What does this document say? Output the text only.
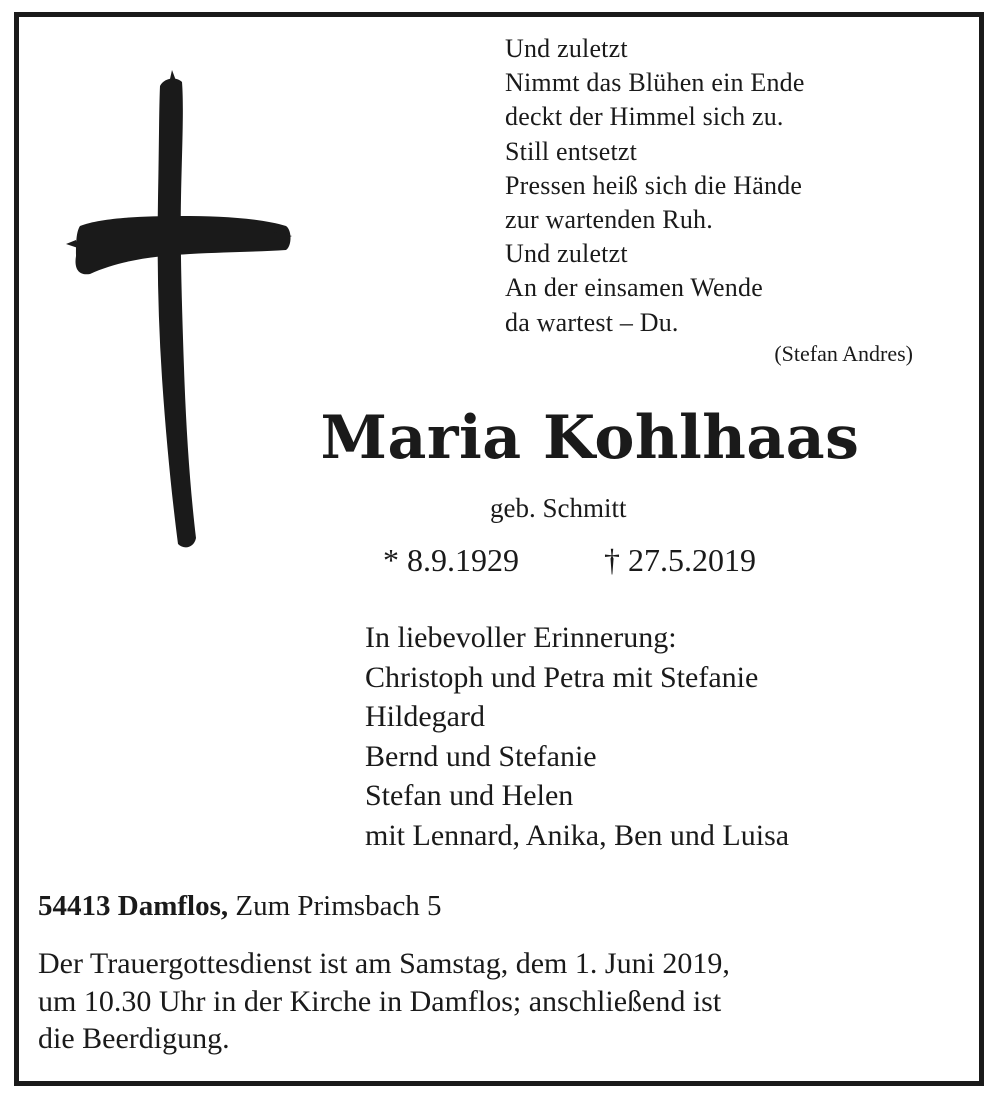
Und zuletzt
Nimmt das Blühen ein Ende
deckt der Himmel sich zu.
Still entsetzt
Pressen heiß sich die Hände
zur wartenden Ruh.
Und zuletzt
An der einsamen Wende
da wartest – Du.
(Stefan Andres)
Maria Kohlhaas
geb. Schmitt
* 8.9.1929	† 27.5.2019
In liebevoller Erinnerung:
Christoph und Petra mit Stefanie
Hildegard
Bernd und Stefanie
Stefan und Helen
mit Lennard, Anika, Ben und Luisa
54413 Damflos, Zum Primsbach 5
Der Trauergottesdienst ist am Samstag, dem 1. Juni 2019,
um 10.30 Uhr in der Kirche in Damflos; anschließend ist
die Beerdigung.
